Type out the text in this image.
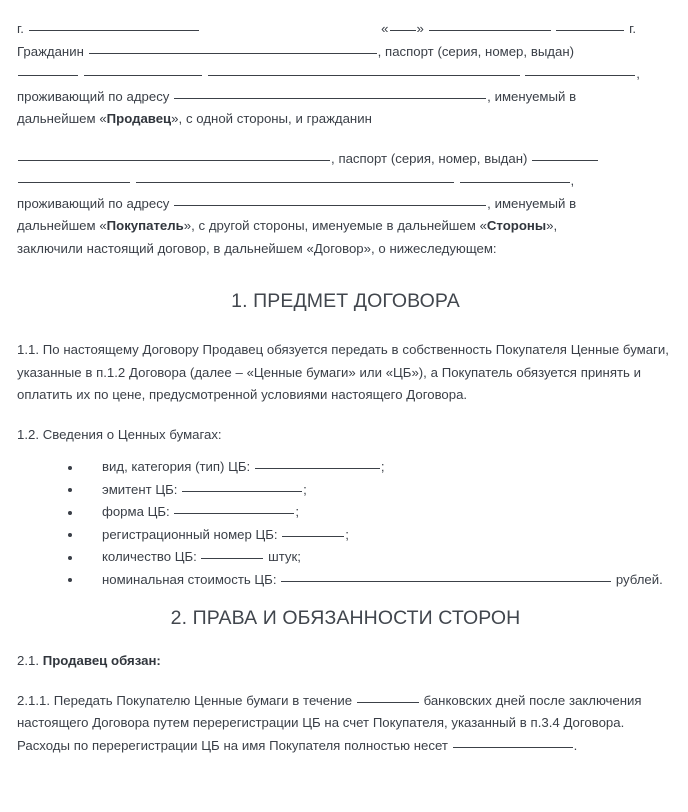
г.	« »	г.
Гражданин	, паспорт (серия, номер, выдан)
,
проживающий по адресу	, именуемый в
дальнейшем «Продавец», с одной стороны, и гражданин
, паспорт (серия, номер, выдан)
,
проживающий по адресу	, именуемый в
дальнейшем «Покупатель», с другой стороны, именуемые в дальнейшем «Стороны»,
заключили настоящий договор, в дальнейшем «Договор», о нижеследующем:
1. ПРЕДМЕТ ДОГОВОРА

1.1. По настоящему Договору Продавец обязуется передать в собственность Покупателя Ценные бумаги, указанные в п.1.2 Договора (далее – «Ценные бумаги» или «ЦБ»), а Покупатель обязуется принять и оплатить их по цене, предусмотренной условиями настоящего Договора.

1.2. Сведения о Ценных бумагах:

вид, категория (тип) ЦБ:	;
эмитент ЦБ:	;
форма ЦБ:	;
регистрационный номер ЦБ:	;
количество ЦБ:	штук;
номинальная стоимость ЦБ:	рублей.
2. ПРАВА И ОБЯЗАННОСТИ СТОРОН

2.1. Продавец обязан:

2.1.1. Передать Покупателю Ценные бумаги в течение	банковских дней после заключения настоящего Договора путем перерегистрации ЦБ на счет Покупателя, указанный в п.3.4 Договора. Расходы по перерегистрации ЦБ на имя Покупателя полностью несет	.
